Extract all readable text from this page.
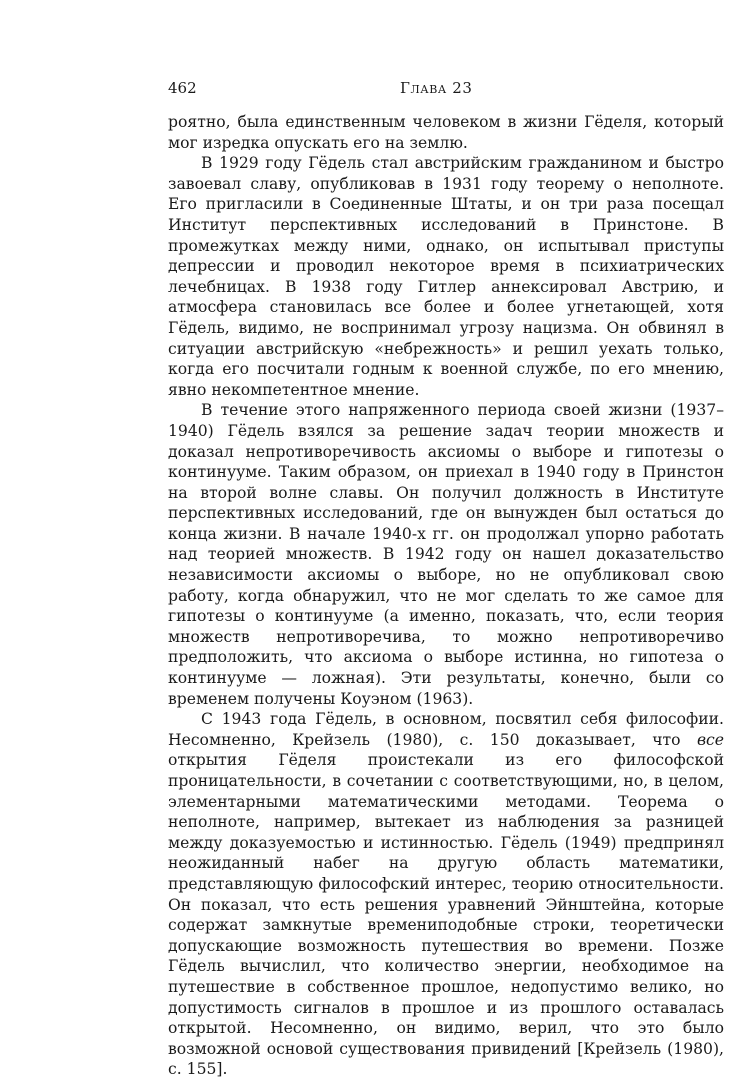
462	Глава 23

роятно, была единственным человеком в жизни Гёделя, который мог изредка опускать его на землю.

В 1929 году Гёдель стал австрийским гражданином и быстро завоевал славу, опубликовав в 1931 году теорему о неполноте. Его пригласили в Соединенные Штаты, и он три раза посещал Институт перспективных исследований в Принстоне. В промежутках между ними, однако, он испытывал приступы депрессии и проводил некоторое время в психиатрических лечебницах. В 1938 году Гитлер аннексировал Австрию, и атмосфера становилась все более и более угнетающей, хотя Гёдель, видимо, не воспринимал угрозу нацизма. Он обвинял в ситуации австрийскую «небрежность» и решил уехать только, когда его посчитали годным к военной службе, по его мнению, явно некомпетентное мнение.

В течение этого напряженного периода своей жизни (1937–1940) Гёдель взялся за решение задач теории множеств и доказал непротиворечивость аксиомы о выборе и гипотезы о континууме. Таким образом, он приехал в 1940 году в Принстон на второй волне славы. Он получил должность в Институте перспективных исследований, где он вынужден был остаться до конца жизни. В начале 1940-х гг. он продолжал упорно работать над теорией множеств. В 1942 году он нашел доказательство независимости аксиомы о выборе, но не опубликовал свою работу, когда обнаружил, что не мог сделать то же самое для гипотезы о континууме (а именно, показать, что, если теория множеств непротиворечива, то можно непротиворечиво предположить, что аксиома о выборе истинна, но гипотеза о континууме — ложная). Эти результаты, конечно, были со временем получены Коуэном (1963).

С 1943 года Гёдель, в основном, посвятил себя философии. Несомненно, Крейзель (1980), с. 150 доказывает, что все открытия Гёделя проистекали из его философской проницательности, в сочетании с соответствующими, но, в целом, элементарными математическими методами. Теорема о неполноте, например, вытекает из наблюдения за разницей между доказуемостью и истинностью. Гёдель (1949) предпринял неожиданный набег на другую область математики, представляющую философский интерес, теорию относительности. Он показал, что есть решения уравнений Эйнштейна, которые содержат замкнутые времениподобные строки, теоретически допускающие возможность путешествия во времени. Позже Гёдель вычислил, что количество энергии, необходимое на путешествие в собственное прошлое, недопустимо велико, но допустимость сигналов в прошлое и из прошлого оставалась открытой. Несомненно, он видимо, верил, что это было возможной основой существования привидений [Крейзель (1980), с. 155].
